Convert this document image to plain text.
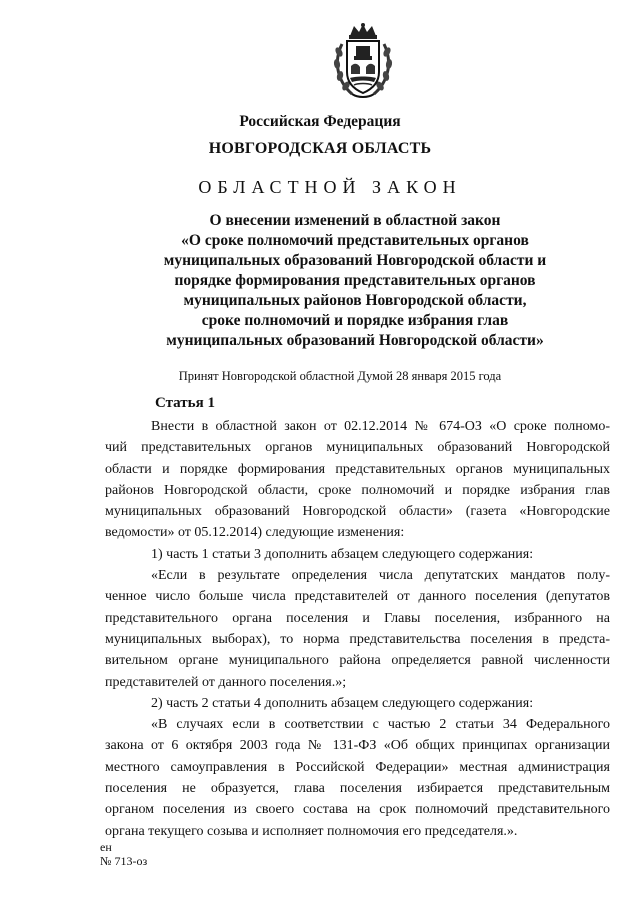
Российская Федерация
НОВГОРОДСКАЯ ОБЛАСТЬ
ОБЛАСТНОЙ ЗАКОН
О внесении изменений в областной закон
«О сроке полномочий представительных органов
муниципальных образований Новгородской области и
порядке формирования представительных органов
муниципальных районов Новгородской области,
сроке полномочий и порядке избрания глав
муниципальных образований Новгородской области»
Принят Новгородской областной Думой 28 января 2015 года
Статья 1
Внести в областной закон от 02.12.2014 № 674-ОЗ «О сроке полномо-
чий представительных органов муниципальных образований Новгородской
области и порядке формирования представительных органов муниципальных
районов Новгородской области, сроке полномочий и порядке избрания глав
муниципальных образований Новгородской области» (газета «Новгородские
ведомости» от 05.12.2014) следующие изменения:
1) часть 1 статьи 3 дополнить абзацем следующего содержания:
«Если в результате определения числа депутатских мандатов полу-
ченное число больше числа представителей от данного поселения (депутатов
представительного органа поселения и Главы поселения, избранного на
муниципальных выборах), то норма представительства поселения в предста-
вительном органе муниципального района определяется равной численности
представителей от данного поселения.»;
2) часть 2 статьи 4 дополнить абзацем следующего содержания:
«В случаях если в соответствии с частью 2 статьи 34 Федерального
закона от 6 октября 2003 года № 131-ФЗ «Об общих принципах организации
местного самоуправления в Российской Федерации» местная администрация
поселения не образуется, глава поселения избирается представительным
органом поселения из своего состава на срок полномочий представительного
органа текущего созыва и исполняет полномочия его председателя.».
ен
№ 713-оз
